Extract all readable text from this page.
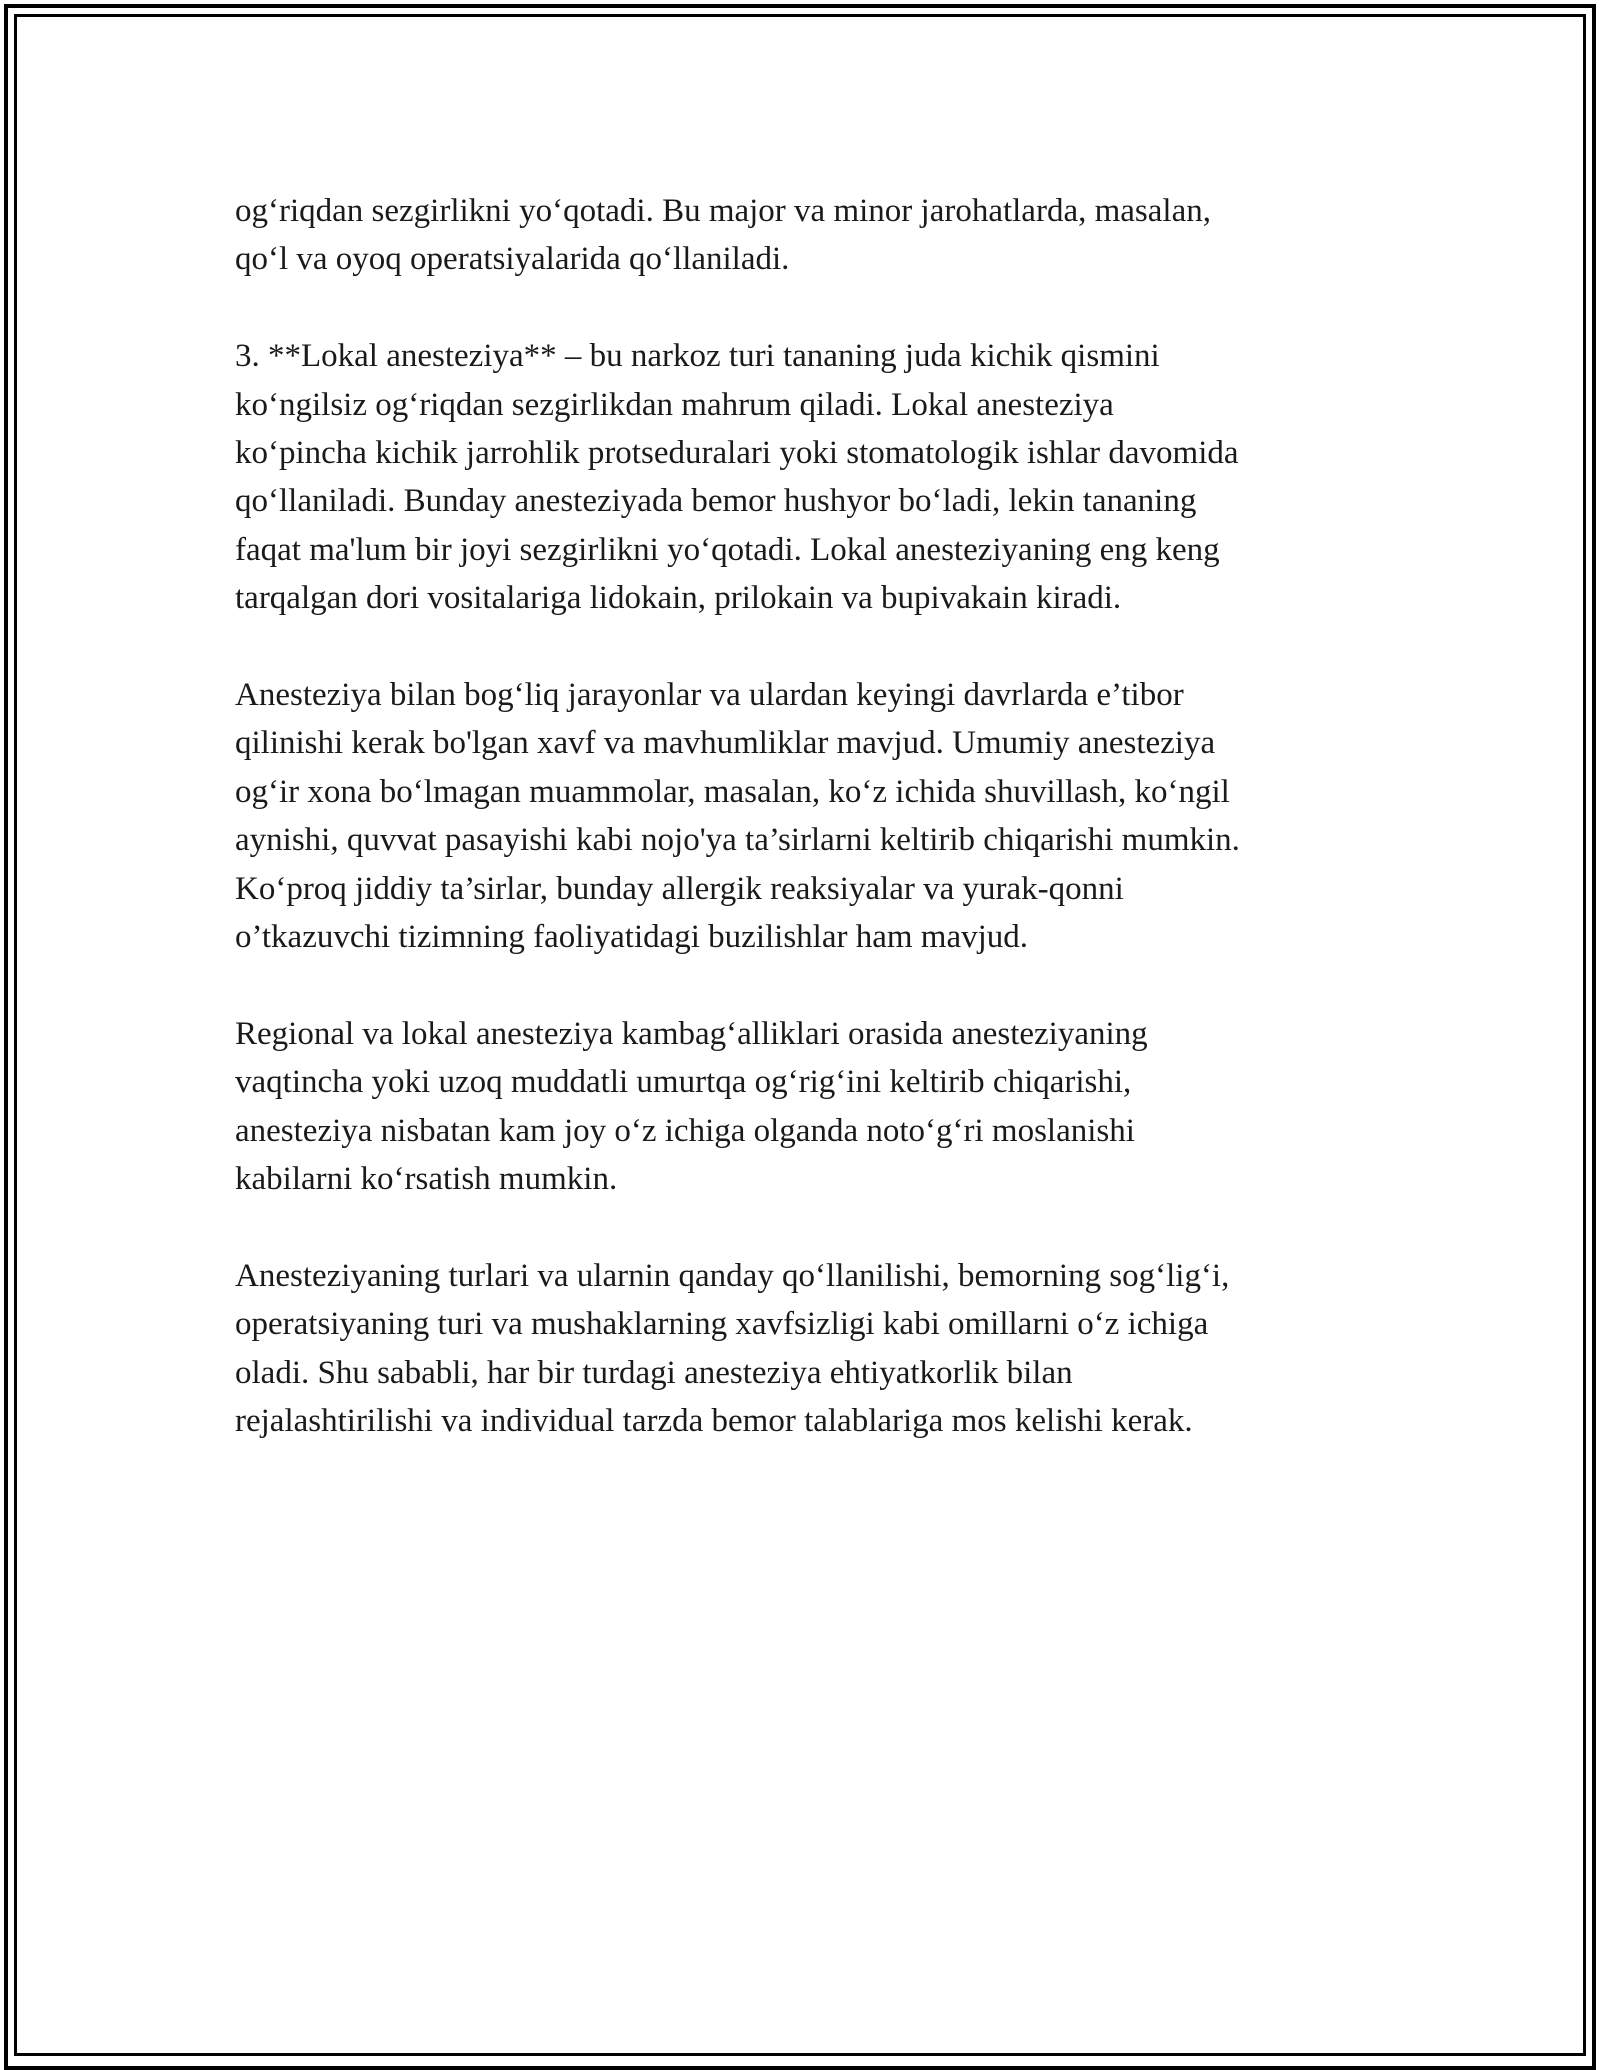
og‘riqdan sezgirlikni yo‘qotadi. Bu major va minor jarohatlarda, masalan,
qo‘l va oyoq operatsiyalarida qo‘llaniladi.

3. **Lokal anesteziya** – bu narkoz turi tananing juda kichik qismini
ko‘ngilsiz og‘riqdan sezgirlikdan mahrum qiladi. Lokal anesteziya
ko‘pincha kichik jarrohlik protseduralari yoki stomatologik ishlar davomida
qo‘llaniladi. Bunday anesteziyada bemor hushyor bo‘ladi, lekin tananing
faqat ma'lum bir joyi sezgirlikni yo‘qotadi. Lokal anesteziyaning eng keng
tarqalgan dori vositalariga lidokain, prilokain va bupivakain kiradi.

Anesteziya bilan bog‘liq jarayonlar va ulardan keyingi davrlarda e’tibor
qilinishi kerak bo'lgan xavf va mavhumliklar mavjud. Umumiy anesteziya
og‘ir xona bo‘lmagan muammolar, masalan, ko‘z ichida shuvillash, ko‘ngil
aynishi, quvvat pasayishi kabi nojo'ya ta’sirlarni keltirib chiqarishi mumkin.
Ko‘proq jiddiy ta’sirlar, bunday allergik reaksiyalar va yurak-qonni
o’tkazuvchi tizimning faoliyatidagi buzilishlar ham mavjud.

Regional va lokal anesteziya kambag‘alliklari orasida anesteziyaning
vaqtincha yoki uzoq muddatli umurtqa og‘rig‘ini keltirib chiqarishi,
anesteziya nisbatan kam joy o‘z ichiga olganda noto‘g‘ri moslanishi
kabilarni ko‘rsatish mumkin.

Anesteziyaning turlari va ularnin qanday qo‘llanilishi, bemorning sog‘lig‘i,
operatsiyaning turi va mushaklarning xavfsizligi kabi omillarni o‘z ichiga
oladi. Shu sababli, har bir turdagi anesteziya ehtiyatkorlik bilan
rejalashtirilishi va individual tarzda bemor talablariga mos kelishi kerak.
